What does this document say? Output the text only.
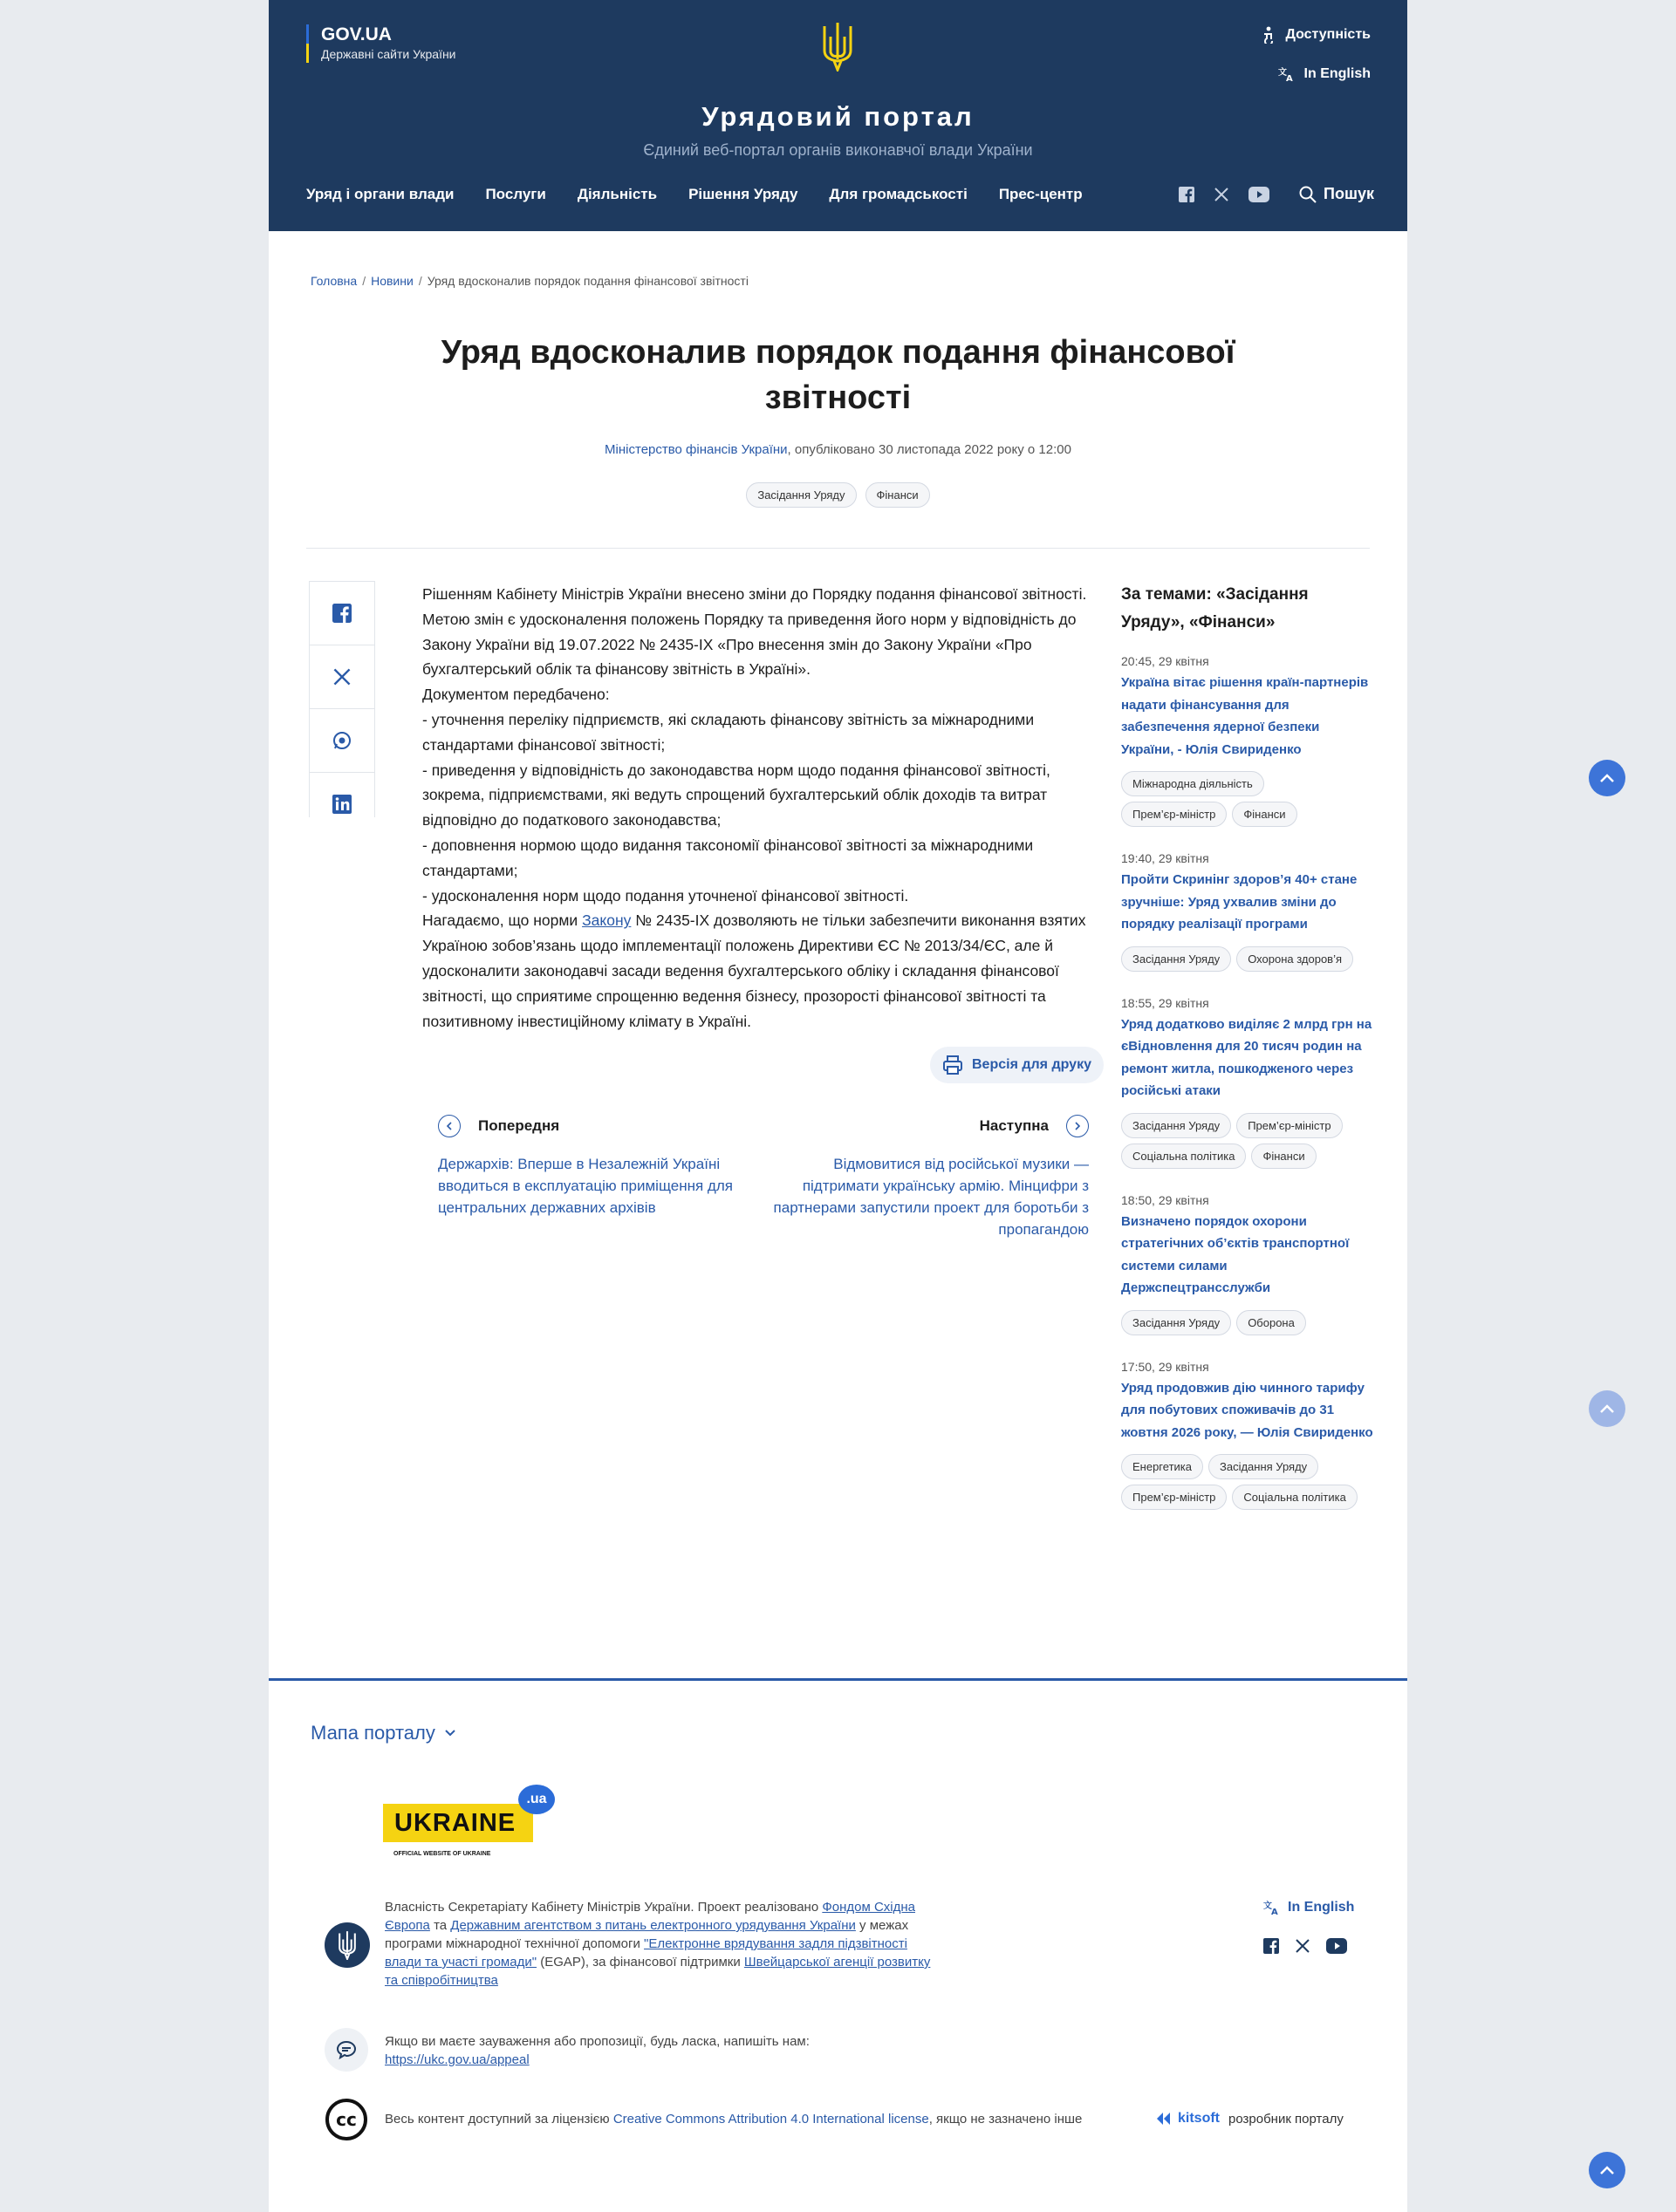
GOV.UA
Державні сайти України
Доступність
文
A In English
Урядовий портал
Єдиний веб-портал органів виконавчої влади України
Уряд і органи влади Послуги Діяльність Рішення Уряду Для громадськості Прес-центр	Пошук
Головна / Новини / Уряд вдосконалив порядок подання фінансової звітності
Уряд вдосконалив порядок подання фінансової звітності
Міністерство фінансів України, опубліковано 30 листопада 2022 року о 12:00
Засідання Уряду	Фінанси

Рішенням Кабінету Міністрів України внесено зміни до Порядку подання фінансової звітності.

Метою змін є удосконалення положень Порядку та приведення його норм у відповідність до Закону України від 19.07.2022 № 2435-IX «Про внесення змін до Закону України «Про бухгалтерський облік та фінансову звітність в Україні».

Документом передбачено:

- уточнення переліку підприємств, які складають фінансову звітність за міжнародними стандартами фінансової звітності;

- приведення у відповідність до законодавства норм щодо подання фінансової звітності, зокрема, підприємствами, які ведуть спрощений бухгалтерський облік доходів та витрат відповідно до податкового законодавства;

- доповнення нормою щодо видання таксономії фінансової звітності за міжнародними стандартами;

- удосконалення норм щодо подання уточненої фінансової звітності.

Нагадаємо, що норми Закону № 2435-IX дозволяють не тільки забезпечити виконання взятих Україною зобов’язань щодо імплементації положень Директиви ЄС № 2013/34/ЄС, але й удосконалити законодавчі засади ведення бухгалтерського обліку і складання фінансової звітності, що сприятиме спрощенню ведення бізнесу, прозорості фінансової звітності та позитивному інвестиційному клімату в Україні.

Версія для друку
Попередня
Держархів: Вперше в Незалежній Україні вводиться в експлуатацію приміщення для центральних державних архівів
Наступна
Відмовитися від російської музики — підтримати українську армію. Мінцифри з партнерами запустили проект для боротьби з пропагандою
За темами: «Засідання Уряду», «Фінанси»
20:45, 29 квітня
Україна вітає рішення країн-партнерів надати фінансування для забезпечення ядерної безпеки України, - Юлія Свириденко
Міжнародна діяльність
Прем’єр-міністр	Фінанси
19:40, 29 квітня
Пройти Скринінг здоров’я 40+ стане зручніше: Уряд ухвалив зміни до порядку реалізації програми
Засідання Уряду	Охорона здоров’я
18:55, 29 квітня
Уряд додатково виділяє 2 млрд грн на єВідновлення для 20 тисяч родин на ремонт житла, пошкодженого через російські атаки
Засідання Уряду	Прем’єр-міністр
Соціальна політика	Фінанси
18:50, 29 квітня
Визначено порядок охорони стратегічних об’єктів транспортної системи силами Держспецтрансслужби
Засідання Уряду	Оборона
17:50, 29 квітня
Уряд продовжив дію чинного тарифу для побутових споживачів до 31 жовтня 2026 року, — Юлія Свириденко
Енергетика	Засідання Уряду
Прем’єр-міністр	Соціальна політика
Мапа порталу
UKRAINE
.ua
OFFICIAL WEBSITE OF UKRAINE
Власність Секретаріату Кабінету Міністрів України. Проект реалізовано Фондом Східна Європа та Державним агентством з питань електронного урядування України у межах програми міжнародної технічної допомоги "Електронне врядування задля підзвітності влади та участі громади" (EGAP), за фінансової підтримки Швейцарської агенції розвитку та співробітництва
文
A In English
Якщо ви маєте зауваження або пропозиції, будь ласка, напишіть нам:
https://ukc.gov.ua/appeal
cc Весь контент доступний за ліцензією Creative Commons Attribution 4.0 International license, якщо не зазначено інше	kitsoft розробник порталу
